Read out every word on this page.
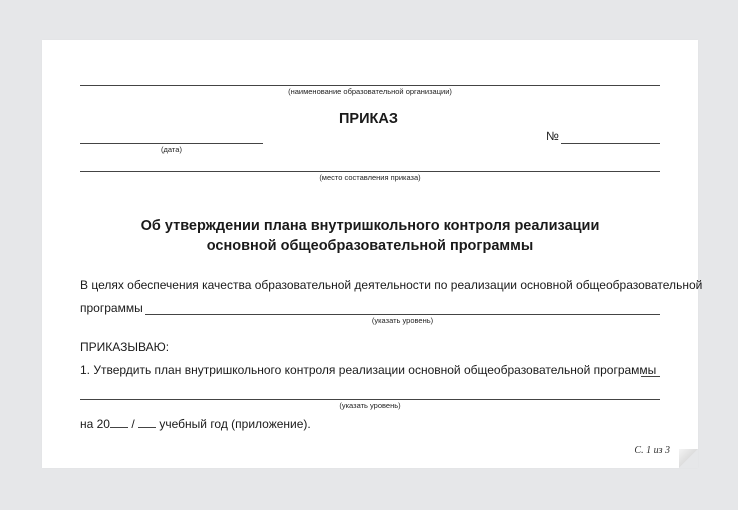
(наименование образовательной организации)
ПРИКАЗ
№
(дата)
(место составления приказа)
Об утверждении плана внутришкольного контроля реализации
основной общеобразовательной программы
В целях обеспечения качества образовательной деятельности по реализации основной общеобразовательной
программы
(указать уровень)
ПРИКАЗЫВАЮ:
1. Утвердить план внутришкольного контроля реализации основной общеобразовательной программы
(указать уровень)
на 20 / учебный год (приложение).
С. 1 из 3
